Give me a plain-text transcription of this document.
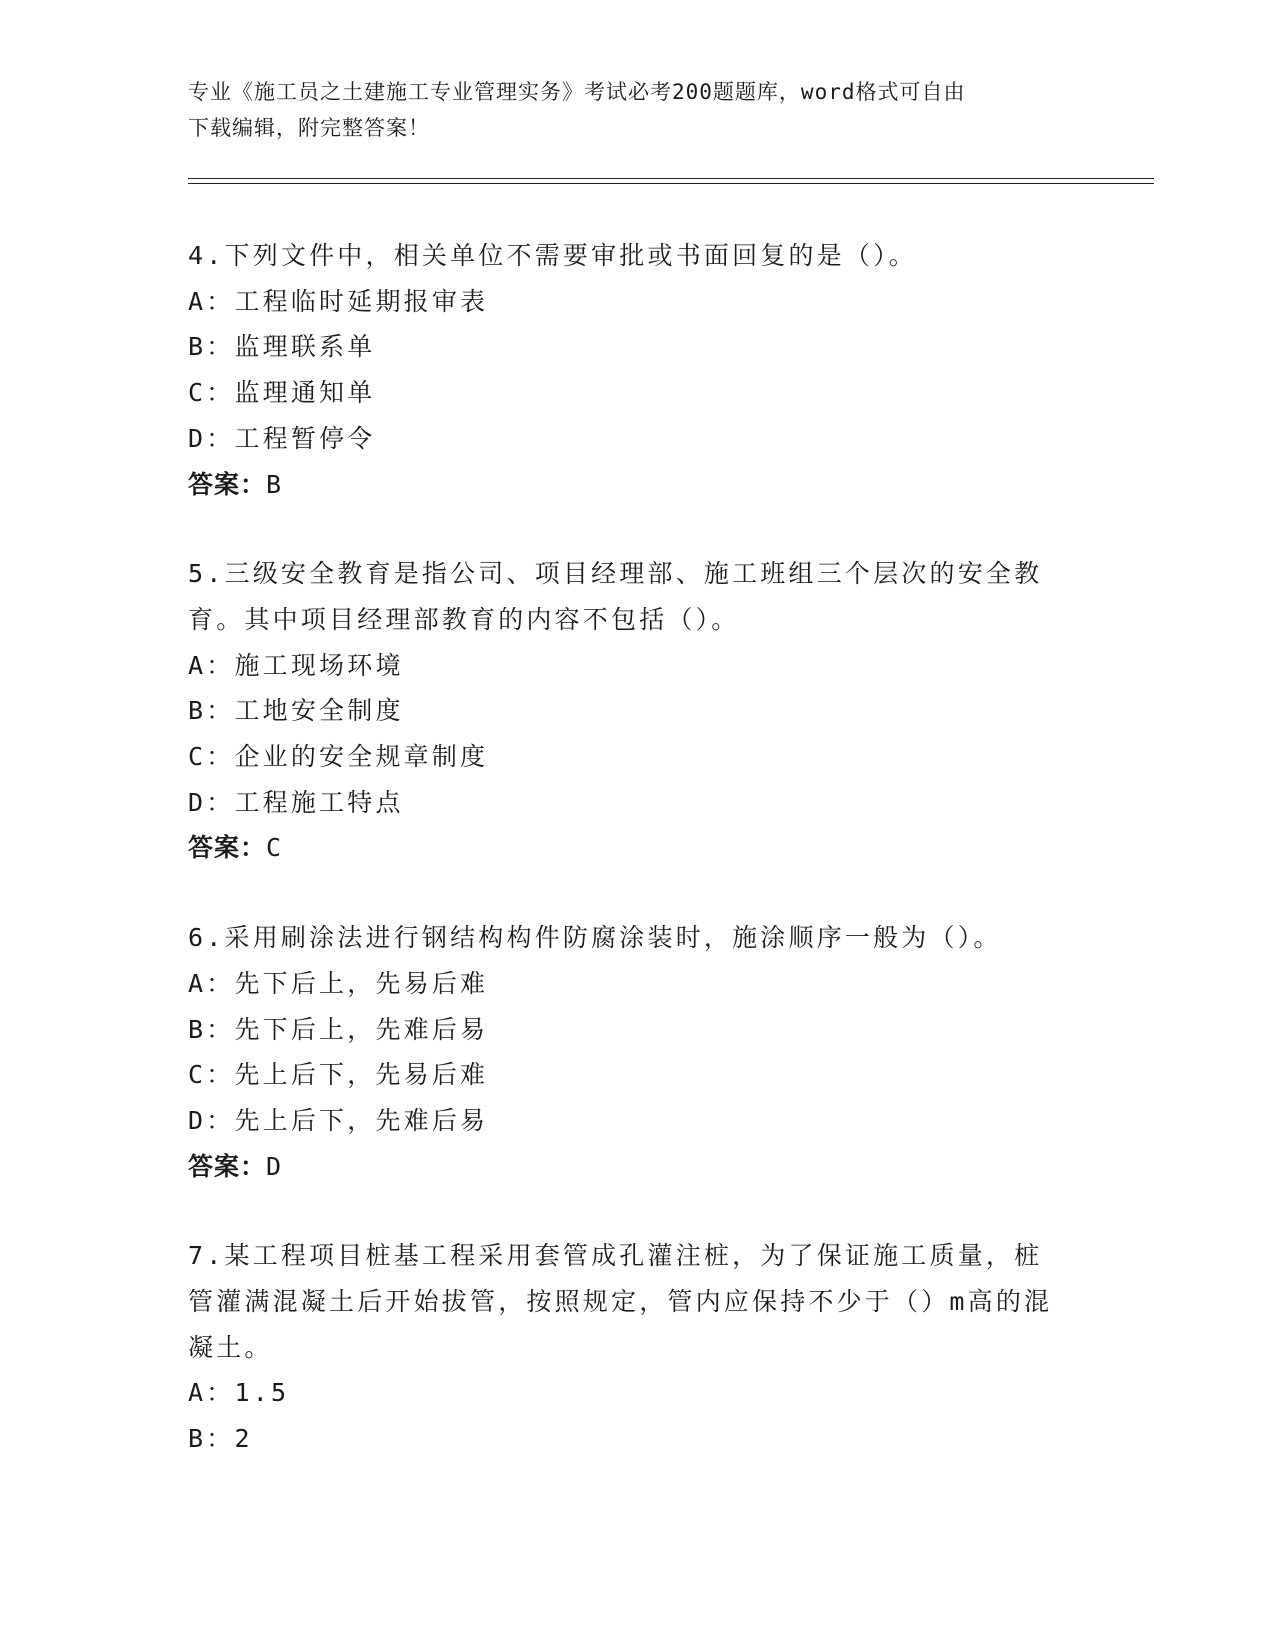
专业《施工员之土建施工专业管理实务》考试必考200题题库，word格式可自由
下载编辑，附完整答案！

4.下列文件中，相关单位不需要审批或书面回复的是（）。

A：工程临时延期报审表

B：监理联系单

C：监理通知单

D：工程暂停令

答案：B

5.三级安全教育是指公司、项目经理部、施工班组三个层次的安全教

育。其中项目经理部教育的内容不包括（）。

A：施工现场环境

B：工地安全制度

C：企业的安全规章制度

D：工程施工特点

答案：C

6.采用刷涂法进行钢结构构件防腐涂装时，施涂顺序一般为（）。

A：先下后上，先易后难

B：先下后上，先难后易

C：先上后下，先易后难

D：先上后下，先难后易

答案：D

7.某工程项目桩基工程采用套管成孔灌注桩，为了保证施工质量，桩

管灌满混凝土后开始拔管，按照规定，管内应保持不少于（）m高的混

凝土。

A：1.5

B：2
